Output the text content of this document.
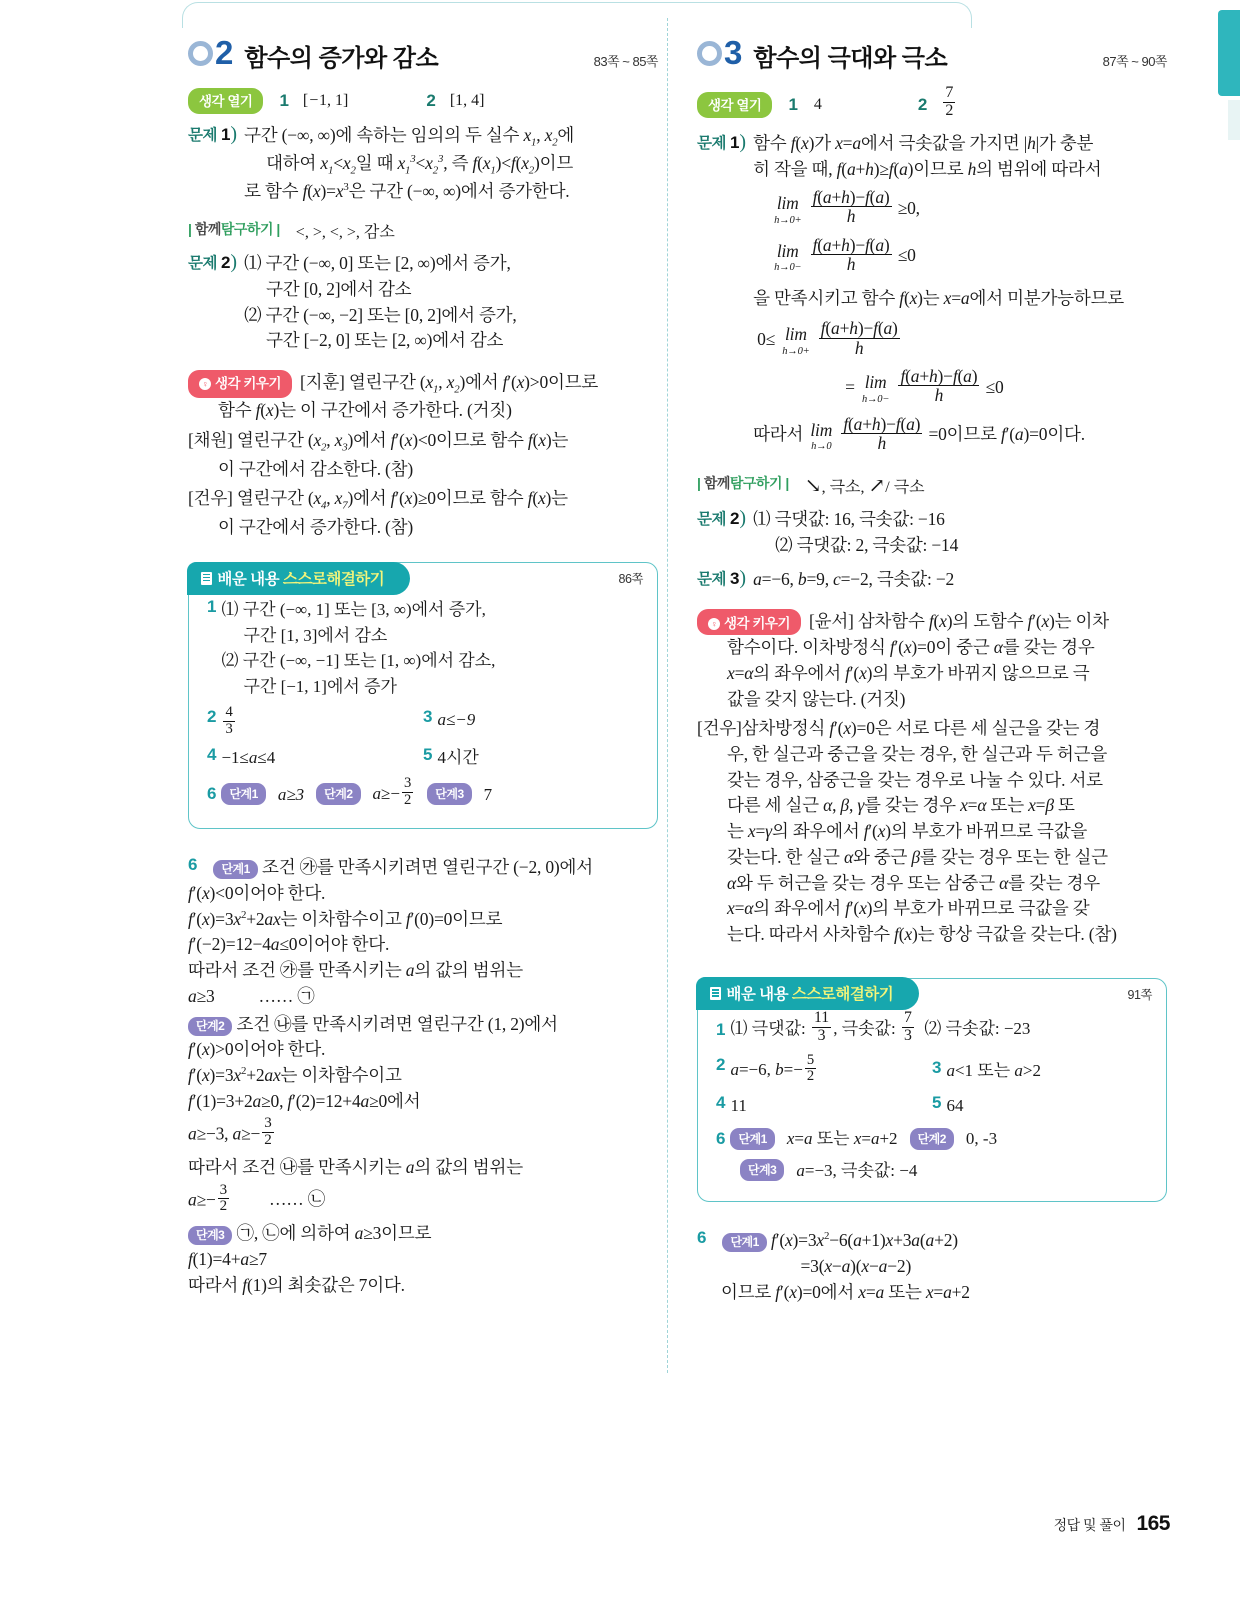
2 함수의 증가와 감소	83쪽 ~ 85쪽
생각 열기	1 [−1, 1]	2 [1, 4]
문제 1) 구간 (−∞, ∞)에 속하는 임의의 두 실수 $x_1$, $x_2$에
대하여 $x_1<x_2$일 때 $x_1^3<x_2^3$, 즉 $f(x_1)<f(x_2)$이므
로 함수 $f(x)=x^3$은 구간 (−∞, ∞)에서 증가한다.
| 함께탐구하기 | <, >, <, >, 감소
문제 2) ⑴ 구간 (−∞, 0] 또는 [2, ∞)에서 증가,
구간 [0, 2]에서 감소
⑵ 구간 (−∞, −2] 또는 [0, 2]에서 증가,
구간 [−2, 0] 또는 [2, ∞)에서 감소
♀ 생각 키우기	[지훈] 열린구간 ($x_1$, $x_2$)에서 f′(x)>0이므로
함수 f(x)는 이 구간에서 증가한다. (거짓)
[채원] 열린구간 ($x_2$, $x_3$)에서 f′(x)<0이므로 함수 f(x)는
이 구간에서 감소한다. (참)
[건우] 열린구간 ($x_4$, $x_7$)에서 f′(x)≥0이므로 함수 f(x)는
이 구간에서 증가한다. (참)
배운 내용 스스로해결하기	86쪽
1 ⑴ 구간 (−∞, 1] 또는 [3, ∞)에서 증가,
구간 [1, 3]에서 감소
⑵ 구간 (−∞, −1] 또는 [1, ∞)에서 감소,
구간 [−1, 1]에서 증가
$2 \frac{4}{3}$	3 a≤−9
4 −1≤a≤4	5 4시간
6	단계1	a≥3	단계2	$a\ge- \frac{3}{2}$	단계3	7
6	단계1 조건 ㉮를 만족시키려면 열린구간 (−2, 0)에서
f′(x)<0이어야 한다.
$f'(x)=3x^2+2ax$는 이차함수이고 f′(0)=0이므로
f′(−2)=12−4a≤0이어야 한다.
따라서 조건 ㉮를 만족시키는 a의 값의 범위는
a≥3	…… ㉠
단계2 조건 ㉯를 만족시키려면 열린구간 (1, 2)에서
f′(x)>0이어야 한다.
$f'(x)=3x^2+2ax$는 이차함수이고
f′(1)=3+2a≥0, f′(2)=12+4a≥0에서
a≥−3, $a\ge- \frac{3}{2}$
따라서 조건 ㉯를 만족시키는 a의 값의 범위는
$a\ge- \frac{3}{2}$ …… ㉡
단계3 ㉠, ㉡에 의하여 a≥3이므로
f(1)=4+a≥7
따라서 f(1)의 최솟값은 7이다.
3 함수의 극대와 극소	87쪽 ~ 90쪽
생각 열기	1 4	$2 \frac{7}{2}$
문제 1) 함수 f(x)가 x=a에서 극솟값을 가지면 |h|가 충분
히 작을 때, f(a+h)≥f(a)이므로 h의 범위에 따라서
lim
h→0+
$\frac{f(a+h)-f(a)}{h} \ge 0$,
lim
h→0−
$\frac{f(a+h)-f(a)}{h} \le 0$
을 만족시키고 함수 f(x)는 x=a에서 미분가능하므로
0≤ lim
h→0+
$\frac{f(a+h)-f(a)}{h}$
= lim
h→0−
$\frac{f(a+h)-f(a)}{h} \le 0$
따라서 lim
h→0
$\frac{f(a+h)-f(a)}{h} =0$이므로 f′(a)=0이다.
| 함께탐구하기 | ↘, 극소, ↗/ 극소
문제 2) ⑴ 극댓값: 16, 극솟값: −16
⑵ 극댓값: 2, 극솟값: −14
문제 3) a=−6, b=9, c=−2, 극솟값: −2
♀ 생각 키우기	[윤서] 삼차함수 f(x)의 도함수 f′(x)는 이차
함수이다. 이차방정식 f′(x)=0이 중근 α를 갖는 경우
x=α의 좌우에서 f′(x)의 부호가 바뀌지 않으므로 극
값을 갖지 않는다. (거짓)
[건우]삼차방정식 f′(x)=0은 서로 다른 세 실근을 갖는 경
우, 한 실근과 중근을 갖는 경우, 한 실근과 두 허근을
갖는 경우, 삼중근을 갖는 경우로 나눌 수 있다. 서로
다른 세 실근 α, β, γ를 갖는 경우 x=α 또는 x=β 또
는 x=γ의 좌우에서 f′(x)의 부호가 바뀌므로 극값을
갖는다. 한 실근 α와 중근 β를 갖는 경우 또는 한 실근
α와 두 허근을 갖는 경우 또는 삼중근 α를 갖는 경우
x=α의 좌우에서 f′(x)의 부호가 바뀌므로 극값을 갖
는다. 따라서 사차함수 f(x)는 항상 극값을 갖는다. (참)
배운 내용 스스로해결하기	91쪽
1 ⑴ 극댓값: $\frac{11}{3}$ , 극솟값: $\frac{7}{3}$ ⑵ 극솟값: −23
2 a=−6, $b=- \frac{5}{2}$	3 a<1 또는 a>2
4 11	5 64
6	단계1	x=a 또는 x=a+2	단계2	0, -3
단계3	a=−3, 극솟값: −4
6	단계1 $f'(x)=3x^2-6(a+1)x+3a(a+2)$
=3(x−a)(x−a−2)
이므로 f′(x)=0에서 x=a 또는 x=a+2
정답 및 풀이 165
